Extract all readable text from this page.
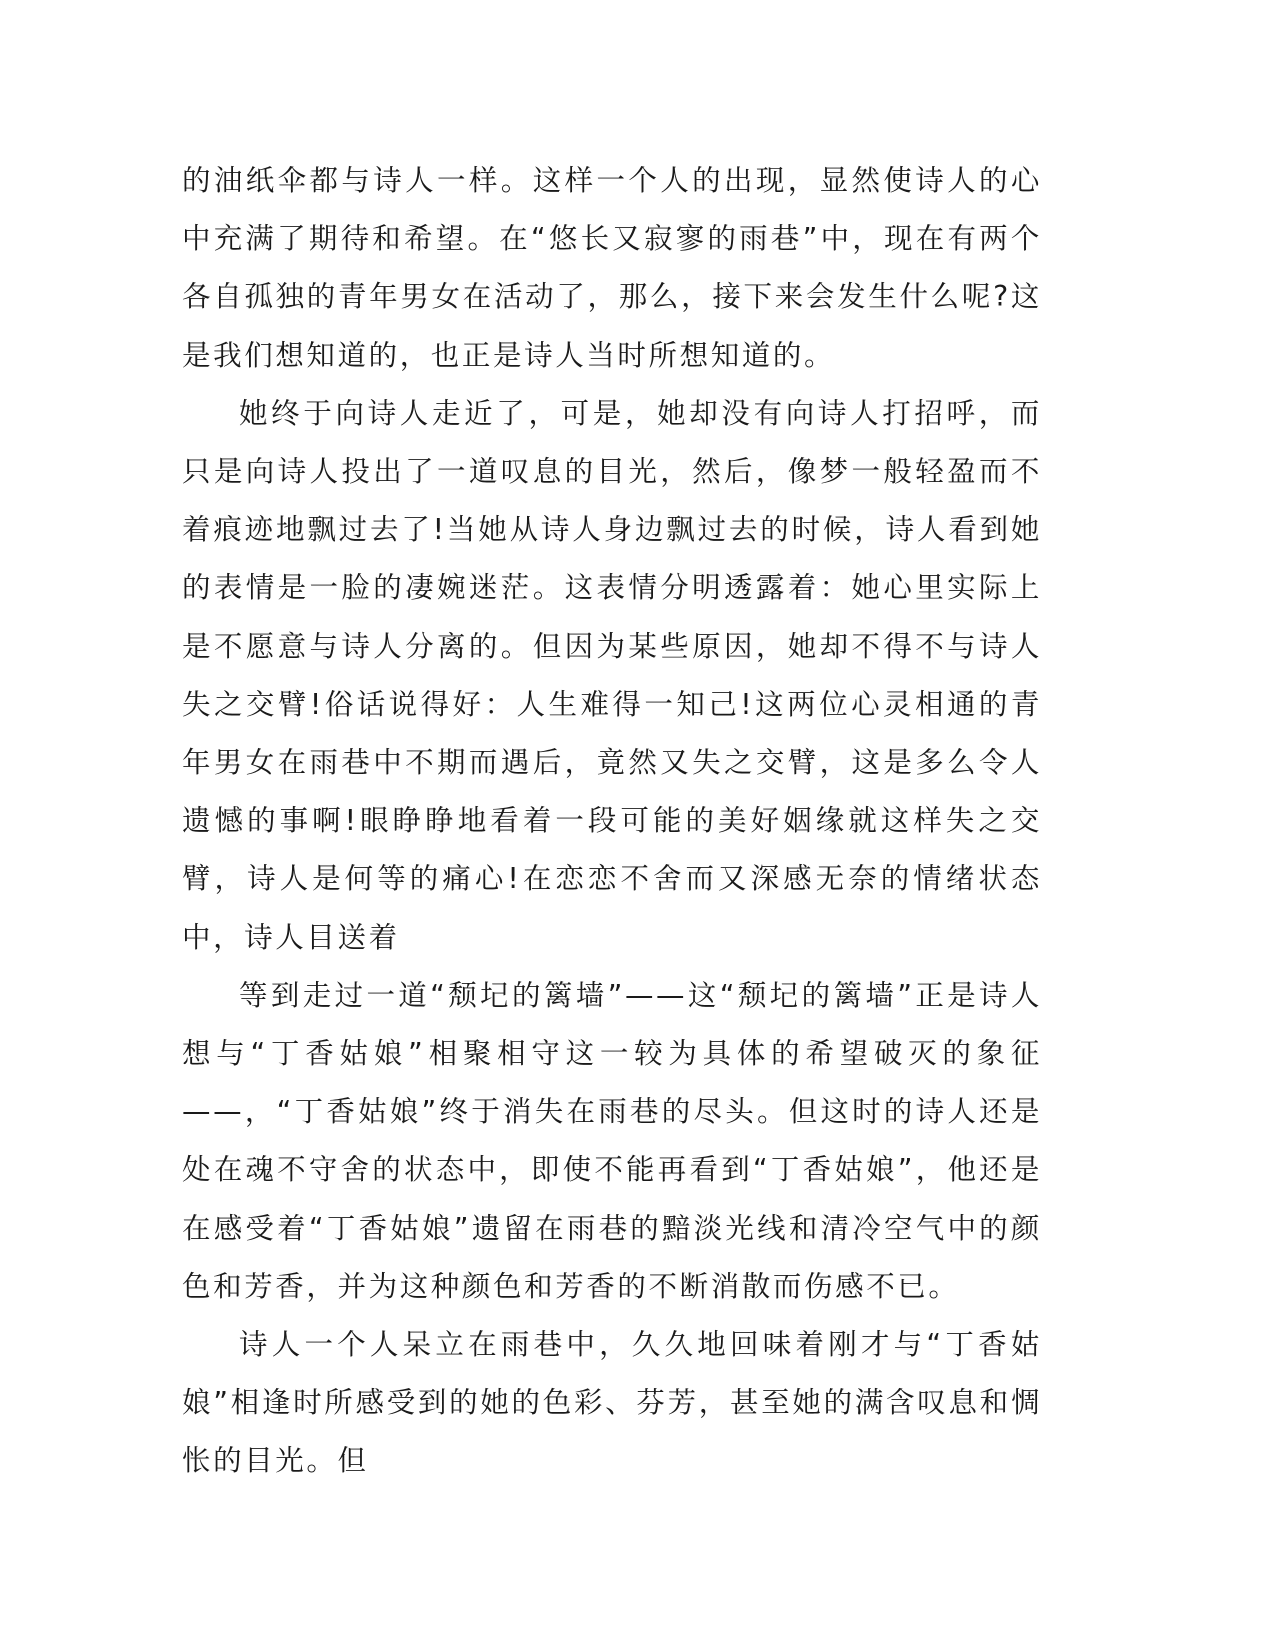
的油纸伞都与诗人一样。这样一个人的出现，显然使诗人的心中充满了期待和希望。在“悠长又寂寥的雨巷”中，现在有两个各自孤独的青年男女在活动了，那么，接下来会发生什么呢?这是我们想知道的，也正是诗人当时所想知道的。

她终于向诗人走近了，可是，她却没有向诗人打招呼，而只是向诗人投出了一道叹息的目光，然后，像梦一般轻盈而不着痕迹地飘过去了!当她从诗人身边飘过去的时候，诗人看到她的表情是一脸的凄婉迷茫。这表情分明透露着：她心里实际上是不愿意与诗人分离的。但因为某些原因，她却不得不与诗人失之交臂!俗话说得好：人生难得一知己!这两位心灵相通的青年男女在雨巷中不期而遇后，竟然又失之交臂，这是多么令人遗憾的事啊!眼睁睁地看着一段可能的美好姻缘就这样失之交臂，诗人是何等的痛心!在恋恋不舍而又深感无奈的情绪状态中，诗人目送着

等到走过一道“颓圮的篱墙”——这“颓圮的篱墙”正是诗人想与“丁香姑娘”相聚相守这一较为具体的希望破灭的象征——，“丁香姑娘”终于消失在雨巷的尽头。但这时的诗人还是处在魂不守舍的状态中，即使不能再看到“丁香姑娘”，他还是在感受着“丁香姑娘”遗留在雨巷的黯淡光线和清冷空气中的颜色和芳香，并为这种颜色和芳香的不断消散而伤感不已。

诗人一个人呆立在雨巷中，久久地回味着刚才与“丁香姑娘”相逢时所感受到的她的色彩、芬芳，甚至她的满含叹息和惆怅的目光。但
